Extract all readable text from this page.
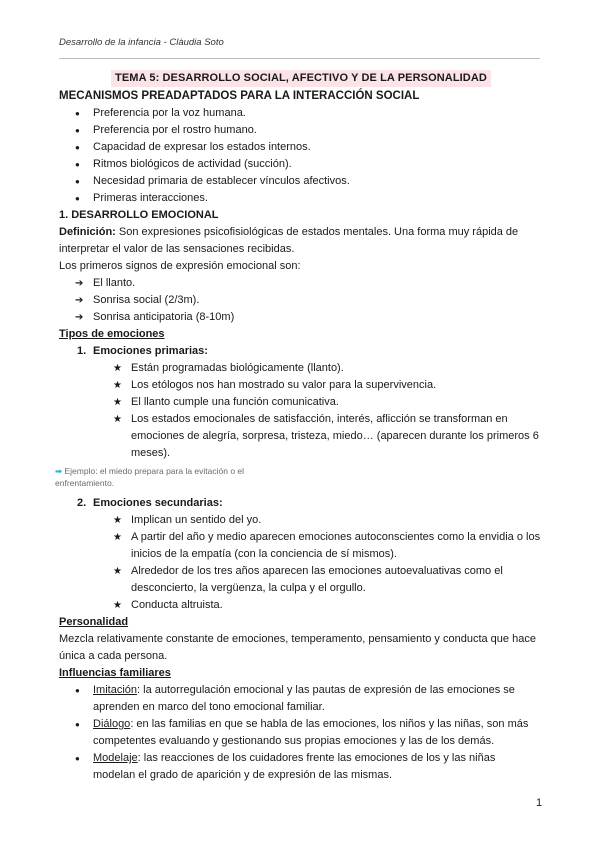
Desarrollo de la infancia - Clàudia Soto
TEMA 5: DESARROLLO SOCIAL, AFECTIVO Y DE LA PERSONALIDAD
MECANISMOS PREADAPTADOS PARA LA INTERACCIÓN SOCIAL
● Preferencia por la voz humana.
● Preferencia por el rostro humano.
● Capacidad de expresar los estados internos.
● Ritmos biológicos de actividad (succión).
● Necesidad primaria de establecer vínculos afectivos.
● Primeras interacciones.
1. DESARROLLO EMOCIONAL
Definición: Son expresiones psicofisiológicas de estados mentales. Una forma muy rápida de
interpretar el valor de las sensaciones recibidas.
Los primeros signos de expresión emocional son:
➔ El llanto.
➔ Sonrisa social (2/3m).
➔ Sonrisa anticipatoria (8-10m)
Tipos de emociones
1. Emociones primarias:
★ Están programadas biológicamente (llanto).
★ Los etólogos nos han mostrado su valor para la supervivencia.
★ El llanto cumple una función comunicativa.
★ Los estados emocionales de satisfacción, interés, aflicción se transforman en
emociones de alegría, sorpresa, tristeza, miedo… (aparecen durante los primeros 6
meses).
➡ Ejemplo: el miedo prepara para la evitación o el
enfrentamiento.
2. Emociones secundarias:
★ Implican un sentido del yo.
★ A partir del año y medio aparecen emociones autoconscientes como la envidia o los
inicios de la empatía (con la conciencia de sí mismos).
★ Alrededor de los tres años aparecen las emociones autoevaluativas como el
desconcierto, la vergüenza, la culpa y el orgullo.
★ Conducta altruista.
Personalidad
Mezcla relativamente constante de emociones, temperamento, pensamiento y conducta que hace
única a cada persona.
Influencias familiares
● Imitación: la autorregulación emocional y las pautas de expresión de las emociones se
aprenden en marco del tono emocional familiar.
● Diálogo: en las familias en que se habla de las emociones, los niños y las niñas, son más
competentes evaluando y gestionando sus propias emociones y las de los demás.
● Modelaje: las reacciones de los cuidadores frente las emociones de los y las niñas
modelan el grado de aparición y de expresión de las mismas.
1
